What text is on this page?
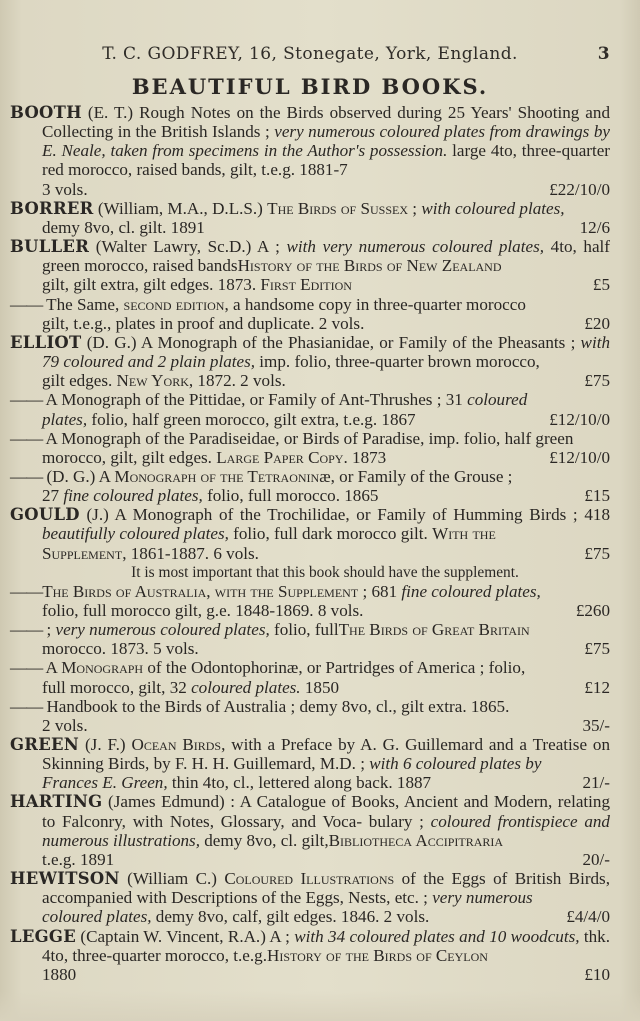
T. C. GODFREY, 16, Stonegate, York, England.	3
BEAUTIFUL BIRD BOOKS.

BOOTH (E. T.) Rough Notes on the Birds observed during 25 Years' Shooting and Collecting in the British Islands ; very numerous coloured plates from drawings by E. Neale, taken from specimens in the Author's possession. large 4to, three-quarter red morocco, raised bands, gilt, t.e.g. 1881-7
3 vols.	£22/10/0

BORRER (William, M.A., D.L.S.) The Birds of Sussex ; with coloured plates,
demy 8vo, cl. gilt. 1891	12/6

BULLER (Walter Lawry, Sc.D.) A ; with very numerous coloured plates, 4to, half green morocco, raised bandsHistory of the Birds of New Zealand
gilt, gilt extra, gilt edges. 1873. First Edition	£5

—— The Same, second edition, a handsome copy in three-quarter morocco
gilt, t.e.g., plates in proof and duplicate. 2 vols.	£20

ELLIOT (D. G.) A Monograph of the Phasianidae, or Family of the Pheasants ; with 79 coloured and 2 plain plates, imp. folio, three-quarter brown morocco,
gilt edges. New York, 1872. 2 vols.	£75

—— A Monograph of the Pittidae, or Family of Ant-Thrushes ; 31 coloured
plates, folio, half green morocco, gilt extra, t.e.g. 1867	£12/10/0

—— A Monograph of the Paradiseidae, or Birds of Paradise, imp. folio, half green
morocco, gilt, gilt edges. Large Paper Copy. 1873	£12/10/0

—— (D. G.) A Monograph of the Tetraoninæ, or Family of the Grouse ;
27 fine coloured plates, folio, full morocco. 1865	£15

GOULD (J.) A Monograph of the Trochilidae, or Family of Humming Birds ; 418 beautifully coloured plates, folio, full dark morocco gilt. With the
Supplement, 1861-1887. 6 vols.	£75

It is most important that this book should have the supplement.

——The Birds of Australia, with the Supplement ; 681 fine coloured plates,
folio, full morocco gilt, g.e. 1848-1869. 8 vols.	£260

—— ; very numerous coloured plates, folio, fullThe Birds of Great Britain
morocco. 1873. 5 vols.	£75

—— A Monograph of the Odontophorinæ, or Partridges of America ; folio,
full morocco, gilt, 32 coloured plates. 1850	£12

—— Handbook to the Birds of Australia ; demy 8vo, cl., gilt extra. 1865.
2 vols.	35/-

GREEN (J. F.) Ocean Birds, with a Preface by A. G. Guillemard and a Treatise on Skinning Birds, by F. H. H. Guillemard, M.D. ; with 6 coloured plates by
Frances E. Green, thin 4to, cl., lettered along back. 1887	21/-

HARTING (James Edmund) : A Catalogue of Books, Ancient and Modern, relating to Falconry, with Notes, Glossary, and Voca- bulary ; coloured frontispiece and numerous illustrations, demy 8vo, cl. gilt,Bibliotheca Accipitraria
t.e.g. 1891	20/-

HEWITSON (William C.) Coloured Illustrations of the Eggs of British Birds, accompanied with Descriptions of the Eggs, Nests, etc. ; very numerous
coloured plates, demy 8vo, calf, gilt edges. 1846. 2 vols.	£4/4/0

LEGGE (Captain W. Vincent, R.A.) A ; with 34 coloured plates and 10 woodcuts, thk. 4to, three-quarter morocco, t.e.g.History of the Birds of Ceylon
1880	£10
